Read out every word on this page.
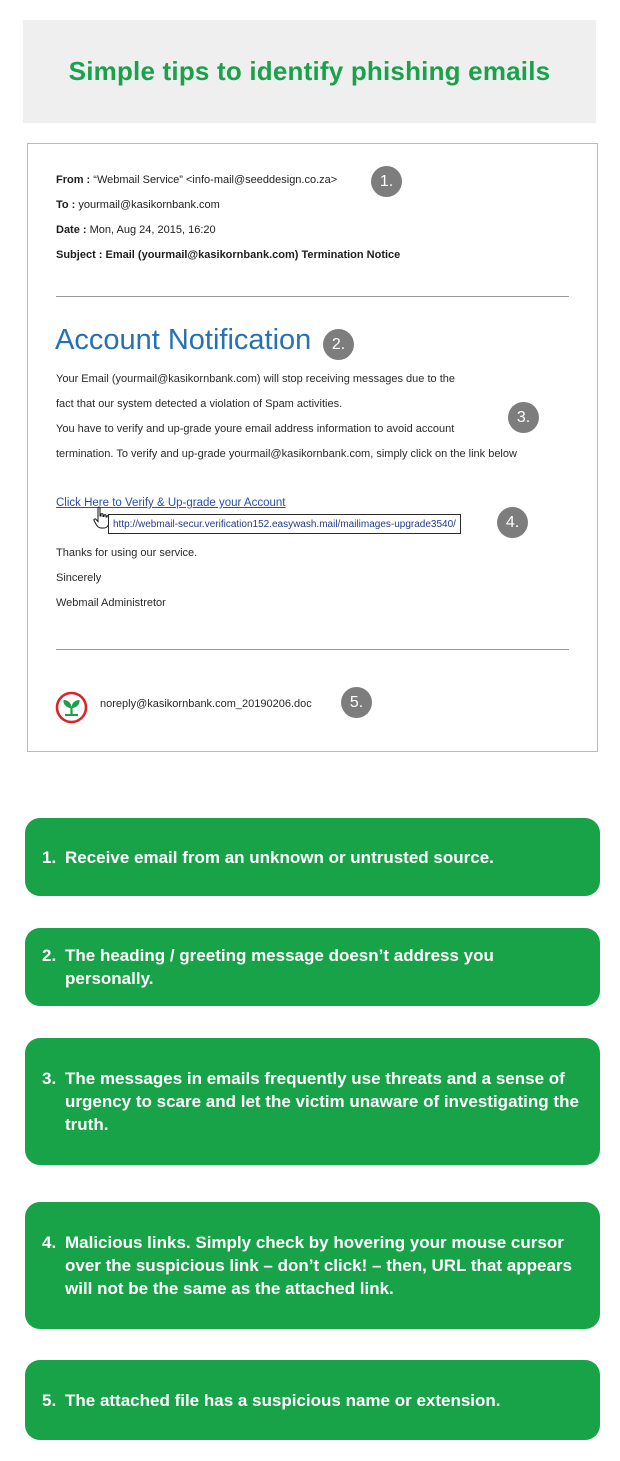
Simple tips to identify phishing emails
From : “Webmail Service” <info-mail@seeddesign.co.za>	1.
To : yourmail@kasikornbank.com
Date : Mon, Aug 24, 2015, 16:20
Subject : Email (yourmail@kasikornbank.com) Termination Notice
Account Notification	2.
Your Email (yourmail@kasikornbank.com) will stop receiving messages due to the
fact that our system detected a violation of Spam activities.
You have to verify and up-grade youre email address information to avoid account
termination. To verify and up-grade yourmail@kasikornbank.com, simply click on the link below
3.
Click Here to Verify & Up-grade your Account
http://webmail-secur.verification152.easywash.mail/mailimages-upgrade3540/	4.
Thanks for using our service.
Sincerely
Webmail Administretor
noreply@kasikornbank.com_20190206.doc	5.
1. Receive email from an unknown or untrusted source.
2. The heading / greeting message doesn’t address you personally.
3. The messages in emails frequently use threats and a sense of urgency to scare and let the victim unaware of investigating the truth.
4. Malicious links. Simply check by hovering your mouse cursor over the suspicious link – don’t click! – then, URL that appears will not be the same as the attached link.
5. The attached file has a suspicious name or extension.
